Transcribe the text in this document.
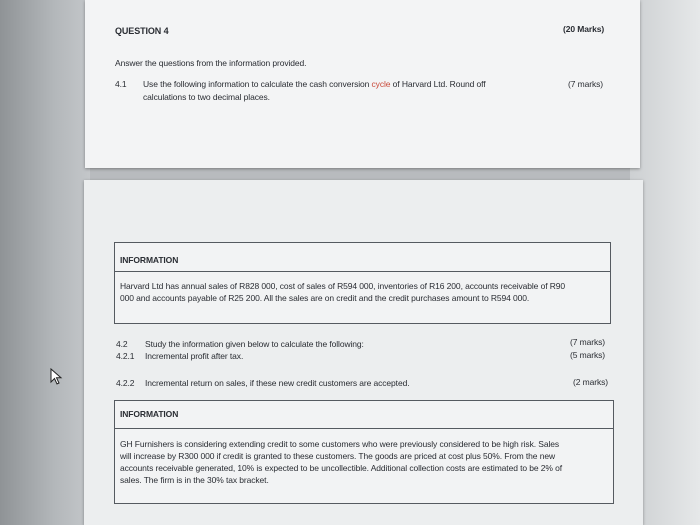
QUESTION 4	(20 Marks)
Answer the questions from the information provided.
4.1 Use the following information to calculate the cash conversion cycle of Harvard Ltd. Round off	(7 marks)
calculations to two decimal places.
INFORMATION
Harvard Ltd has annual sales of R828 000, cost of sales of R594 000, inventories of R16 200, accounts receivable of R90
000 and accounts payable of R25 200. All the sales are on credit and the credit purchases amount to R594 000.
4.2 Study the information given below to calculate the following:	(7 marks)
4.2.1 Incremental profit after tax.	(5 marks)
4.2.2 Incremental return on sales, if these new credit customers are accepted.	(2 marks)
INFORMATION
GH Furnishers is considering extending credit to some customers who were previously considered to be high risk. Sales
will increase by R300 000 if credit is granted to these customers. The goods are priced at cost plus 50%. From the new
accounts receivable generated, 10% is expected to be uncollectible. Additional collection costs are estimated to be 2% of
sales. The firm is in the 30% tax bracket.
